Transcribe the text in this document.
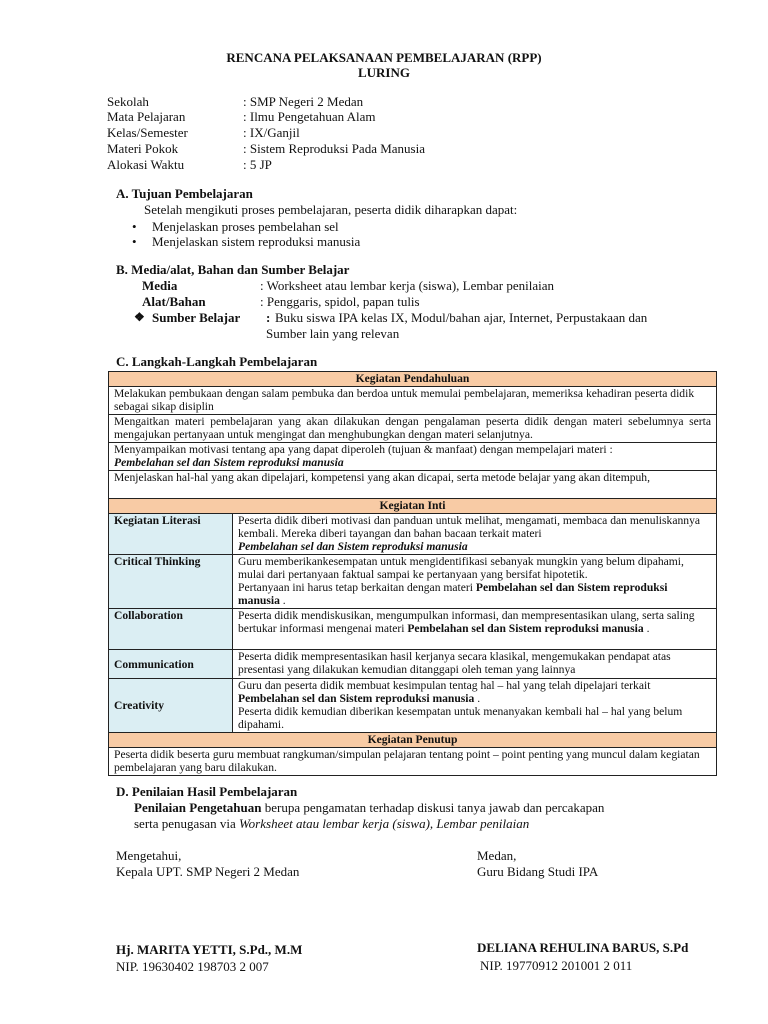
RENCANA PELAKSANAAN PEMBELAJARAN (RPP)
LURING
Sekolah	: SMP Negeri 2 Medan
Mata Pelajaran	: Ilmu Pengetahuan Alam
Kelas/Semester	: IX/Ganjil
Materi Pokok	: Sistem Reproduksi Pada Manusia
Alokasi Waktu	: 5 JP
A. Tujuan Pembelajaran
Setelah mengikuti proses pembelajaran, peserta didik diharapkan dapat:
• Menjelaskan proses pembelahan sel
• Menjelaskan sistem reproduksi manusia
B. Media/alat, Bahan dan Sumber Belajar
Media	: Worksheet atau lembar kerja (siswa), Lembar penilaian
Alat/Bahan	: Penggaris, spidol, papan tulis
❖ Sumber Belajar : Buku siswa IPA kelas IX, Modul/bahan ajar, Internet, Perpustakaan dan
Sumber lain yang relevan
C. Langkah-Langkah Pembelajaran
Kegiatan Pendahuluan	
Melakukan pembukaan dengan salam pembuka dan berdoa untuk memulai pembelajaran, memeriksa kehadiran peserta didik sebagai sikap disiplin	
Mengaitkan materi pembelajaran yang akan dilakukan dengan pengalaman peserta didik dengan materi sebelumnya serta mengajukan pertanyaan untuk mengingat dan menghubungkan dengan materi selanjutnya.	
Menyampaikan motivasi tentang apa yang dapat diperoleh (tujuan & manfaat) dengan mempelajari materi :
Pembelahan sel dan Sistem reproduksi manusia	
Menjelaskan hal-hal yang akan dipelajari, kompetensi yang akan dicapai, serta metode belajar yang akan ditempuh,	
Kegiatan Inti	
Kegiatan Literasi	Peserta didik diberi motivasi dan panduan untuk melihat, mengamati, membaca dan menuliskannya kembali. Mereka diberi tayangan dan bahan bacaan terkait materi
Pembelahan sel dan Sistem reproduksi manusia
Critical Thinking	Guru memberikankesempatan untuk mengidentifikasi sebanyak mungkin yang belum dipahami, mulai dari pertanyaan faktual sampai ke pertanyaan yang bersifat hipotetik.
Pertanyaan ini harus tetap berkaitan dengan materi Pembelahan sel dan Sistem reproduksi manusia .
Collaboration	Peserta didik mendiskusikan, mengumpulkan informasi, dan mempresentasikan ulang, serta saling bertukar informasi mengenai materi Pembelahan sel dan Sistem reproduksi manusia .
Communication	Peserta didik mempresentasikan hasil kerjanya secara klasikal, mengemukakan pendapat atas presentasi yang dilakukan kemudian ditanggapi oleh teman yang lainnya
Creativity	Guru dan peserta didik membuat kesimpulan tentag hal – hal yang telah dipelajari terkait
Pembelahan sel dan Sistem reproduksi manusia .
Peserta didik kemudian diberikan kesempatan untuk menanyakan kembali hal – hal yang belum dipahami.
Kegiatan Penutup	
Peserta didik beserta guru membuat rangkuman/simpulan pelajaran tentang point – point penting yang muncul dalam kegiatan pembelajaran yang baru dilakukan.	
D. Penilaian Hasil Pembelajaran
Penilaian Pengetahuan berupa pengamatan terhadap diskusi tanya jawab dan percakapan
serta penugasan via Worksheet atau lembar kerja (siswa), Lembar penilaian
Mengetahui,
Kepala UPT. SMP Negeri 2 Medan
Hj. MARITA YETTI, S.Pd., M.M
NIP. 19630402 198703 2 007
Medan,
Guru Bidang Studi IPA
DELIANA REHULINA BARUS, S.Pd
NIP. 19770912 201001 2 011
